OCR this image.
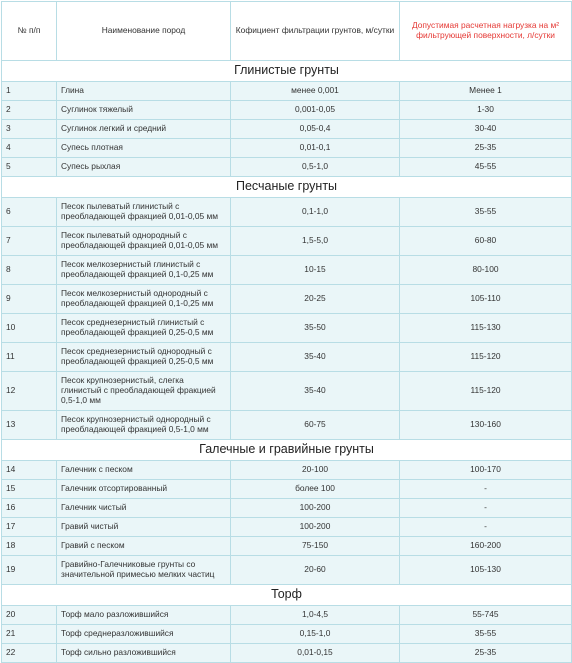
№ п/п	Наименование пород	Кофициент фильтрации грунтов, м/сутки	Допустимая расчетная нагрузка на м² фильтрующей поверхности, л/сутки
Глинистые грунты			
1	Глина	менее 0,001	Менее 1
2	Суглинок тяжелый	0,001-0,05	1-30
3	Суглинок легкий и средний	0,05-0,4	30-40
4	Супесь плотная	0,01-0,1	25-35
5	Супесь рыхлая	0,5-1,0	45-55
Песчаные грунты			
6	Песок пылеватый глинистый с преобладающей фракцией 0,01-0,05 мм	0,1-1,0	35-55
7	Песок пылеватый однородный с преобладающей фракцией 0,01-0,05 мм	1,5-5,0	60-80
8	Песок мелкозернистый глинистый с преобладающей фракцией 0,1-0,25 мм	10-15	80-100
9	Песок мелкозернистый однородный с преобладающей фракцией 0,1-0,25 мм	20-25	105-110
10	Песок среднезернистый глинистый с преобладающей фракцией 0,25-0,5 мм	35-50	115-130
11	Песок среднезернистый однородный с преобладающей фракцией 0,25-0,5 мм	35-40	115-120
12	Песок крупнозернистый, слегка глинистый с преобладающей фракцией 0,5-1,0 мм	35-40	115-120
13	Песок крупнозернистый однородный с преобладающей фракцией 0,5-1,0 мм	60-75	130-160
Галечные и гравийные грунты			
14	Галечник с песком	20-100	100-170
15	Галечник отсортированный	более 100	-
16	Галечник чистый	100-200	-
17	Гравий чистый	100-200	-
18	Гравий с песком	75-150	160-200
19	Гравийно-Галечниковые грунты со значительной примесью мелких частиц	20-60	105-130
Торф			
20	Торф мало разложившийся	1,0-4,5	55-745
21	Торф среднеразложившийся	0,15-1,0	35-55
22	Торф сильно разложившийся	0,01-0,15	25-35
